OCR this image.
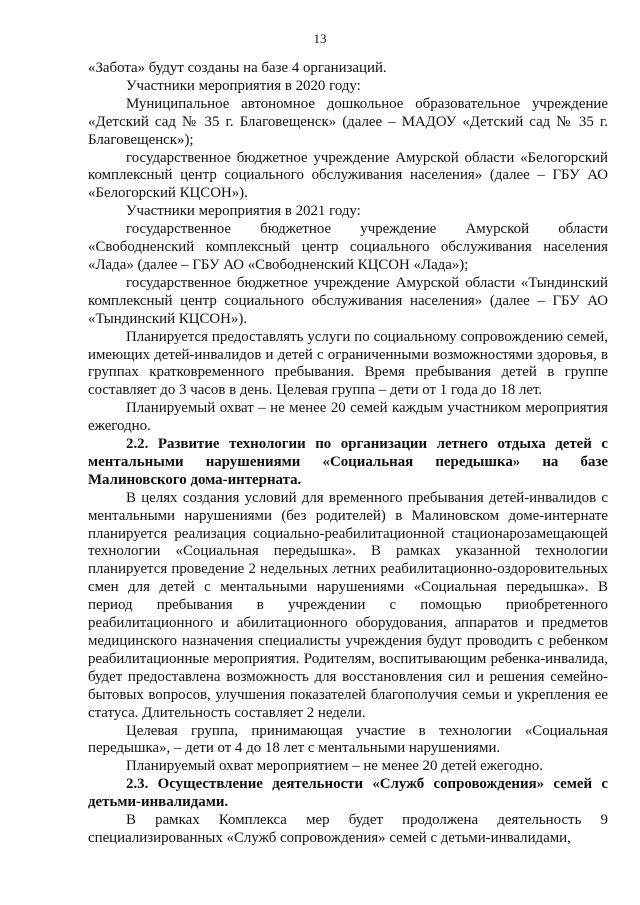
13

«Забота» будут созданы на базе 4 организаций.

Участники мероприятия в 2020 году:

Муниципальное автономное дошкольное образовательное учреждение «Детский сад № 35 г. Благовещенск» (далее – МАДОУ «Детский сад № 35 г. Благовещенск»);

государственное бюджетное учреждение Амурской области «Белогорский комплексный центр социального обслуживания населения» (далее – ГБУ АО «Белогорский КЦСОН»).

Участники мероприятия в 2021 году:

государственное бюджетное учреждение Амурской области «Свободненский комплексный центр социального обслуживания населения «Лада» (далее – ГБУ АО «Свободненский КЦСОН «Лада»);

государственное бюджетное учреждение Амурской области «Тындинский комплексный центр социального обслуживания населения» (далее – ГБУ АО «Тындинский КЦСОН»).

Планируется предоставлять услуги по социальному сопровождению семей, имеющих детей-инвалидов и детей с ограниченными возможностями здоровья, в группах кратковременного пребывания. Время пребывания детей в группе составляет до 3 часов в день. Целевая группа – дети от 1 года до 18 лет.

Планируемый охват – не менее 20 семей каждым участником мероприятия ежегодно.

2.2. Развитие технологии по организации летнего отдыха детей с ментальными нарушениями «Социальная передышка» на базе Малиновского дома-интерната.

В целях создания условий для временного пребывания детей-инвалидов с ментальными нарушениями (без родителей) в Малиновском доме-интернате планируется реализация социально-реабилитационной стационарозамещающей технологии «Социальная передышка». В рамках указанной технологии планируется проведение 2 недельных летних реабилитационно-оздоровительных смен для детей с ментальными нарушениями «Социальная передышка». В период пребывания в учреждении с помощью приобретенного реабилитационного и абилитационного оборудования, аппаратов и предметов медицинского назначения специалисты учреждения будут проводить с ребенком реабилитационные мероприятия. Родителям, воспитывающим ребенка-инвалида, будет предоставлена возможность для восстановления сил и решения семейно-бытовых вопросов, улучшения показателей благополучия семьи и укрепления ее статуса. Длительность составляет 2 недели.

Целевая группа, принимающая участие в технологии «Социальная передышка», – дети от 4 до 18 лет с ментальными нарушениями.

Планируемый охват мероприятием – не менее 20 детей ежегодно.

2.3. Осуществление деятельности «Служб сопровождения» семей с детьми-инвалидами.

В рамках Комплекса мер будет продолжена деятельность 9 специализированных «Служб сопровождения» семей с детьми-инвалидами,
